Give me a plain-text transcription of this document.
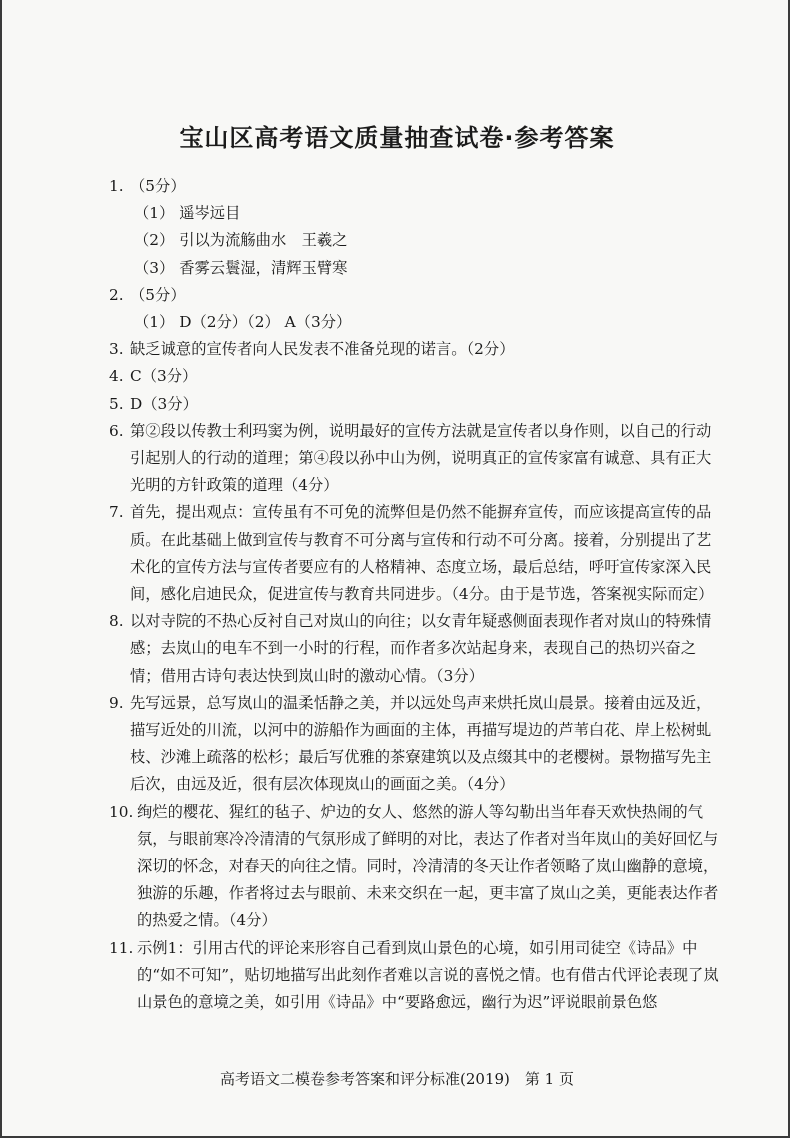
宝山区高考语文质量抽查试卷·参考答案
1. （5分）
（1） 遥岑远目
（2） 引以为流觞曲水　王羲之
（3） 香雾云鬟湿，清辉玉臂寒
2. （5分）
（1） D（2分）（2） A（3分）
3. 缺乏诚意的宣传者向人民发表不准备兑现的诺言。（2分）
4. C（3分）
5. D（3分）
6. 第②段以传教士利玛窦为例，说明最好的宣传方法就是宣传者以身作则，以自己的行动引起别人的行动的道理；第④段以孙中山为例，说明真正的宣传家富有诚意、具有正大光明的方针政策的道理（4分）
7. 首先，提出观点：宣传虽有不可免的流弊但是仍然不能摒弃宣传，而应该提高宣传的品质。在此基础上做到宣传与教育不可分离与宣传和行动不可分离。接着，分别提出了艺术化的宣传方法与宣传者要应有的人格精神、态度立场，最后总结，呼吁宣传家深入民间，感化启迪民众，促进宣传与教育共同进步。（4分。由于是节选，答案视实际而定）
8. 以对寺院的不热心反衬自己对岚山的向往；以女青年疑惑侧面表现作者对岚山的特殊情感；去岚山的电车不到一小时的行程，而作者多次站起身来，表现自己的热切兴奋之情；借用古诗句表达快到岚山时的激动心情。（3分）
9. 先写远景，总写岚山的温柔恬静之美，并以远处鸟声来烘托岚山晨景。接着由远及近，描写近处的川流，以河中的游船作为画面的主体，再描写堤边的芦苇白花、岸上松树虬枝、沙滩上疏落的松杉；最后写优雅的茶寮建筑以及点缀其中的老樱树。景物描写先主后次，由远及近，很有层次体现岚山的画面之美。（4分）
10. 绚烂的樱花、猩红的毡子、炉边的女人、悠然的游人等勾勒出当年春天欢快热闹的气氛，与眼前寒冷冷清清的气氛形成了鲜明的对比，表达了作者对当年岚山的美好回忆与深切的怀念，对春天的向往之情。同时，冷清清的冬天让作者领略了岚山幽静的意境，独游的乐趣，作者将过去与眼前、未来交织在一起，更丰富了岚山之美，更能表达作者的热爱之情。（4分）
11. 示例1：引用古代的评论来形容自己看到岚山景色的心境，如引用司徒空《诗品》中的“如不可知”，贴切地描写出此刻作者难以言说的喜悦之情。也有借古代评论表现了岚山景色的意境之美，如引用《诗品》中“要路愈远，幽行为迟”评说眼前景色悠
高考语文二模卷参考答案和评分标准(2019)　第 1 页
